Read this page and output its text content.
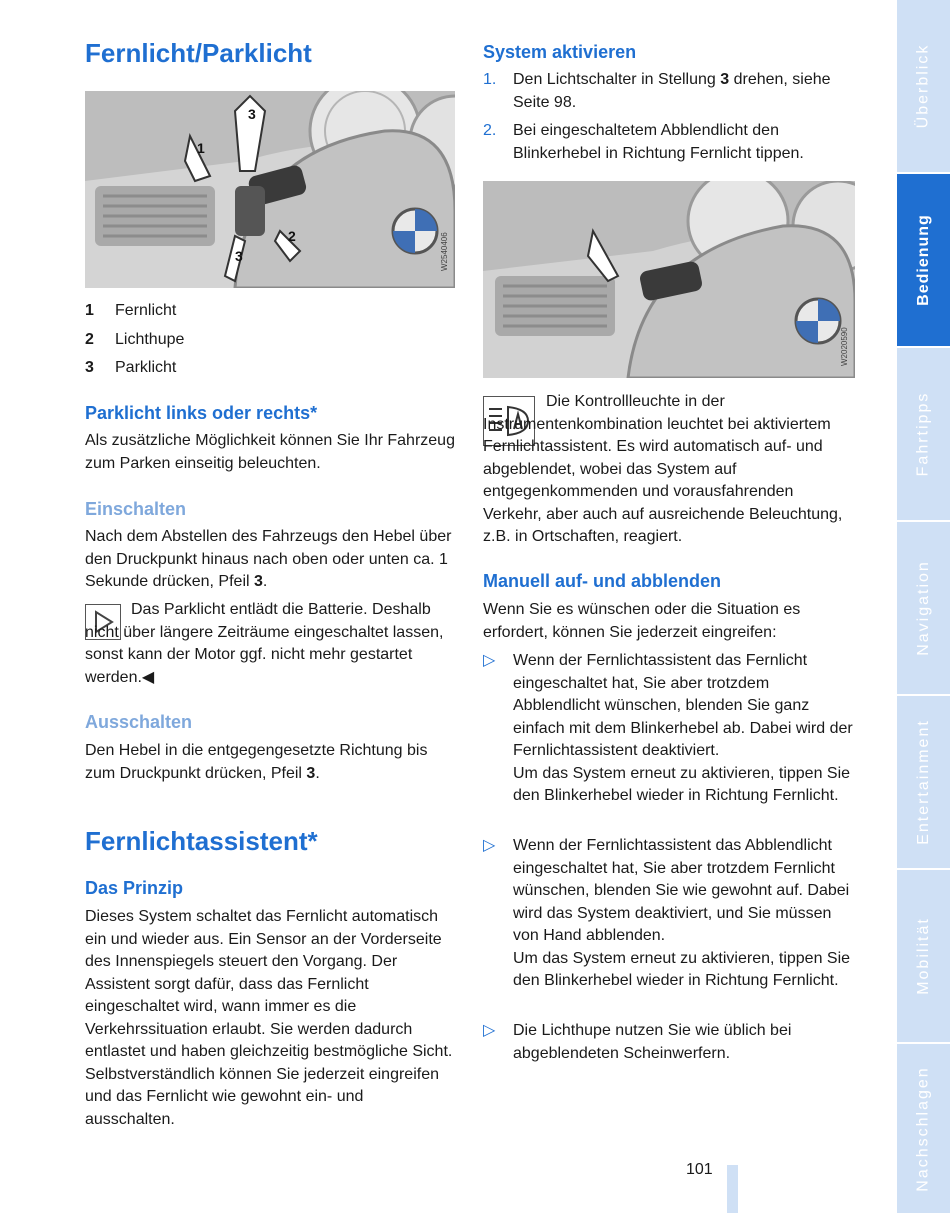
Fernlicht/Parklicht
3
1
2
3	W2540406
1 Fernlicht
2 Lichthupe
3 Parklicht
Parklicht links oder rechts*

Als zusätzliche Möglichkeit können Sie Ihr Fahrzeug zum Parken einseitig beleuchten.

Einschalten

Nach dem Abstellen des Fahrzeugs den Hebel über den Druckpunkt hinaus nach oben oder unten ca. 1 Sekunde drücken, Pfeil 3.

Das Parklicht entlädt die Batterie. Deshalb nicht über längere Zeiträume eingeschaltet lassen, sonst kann der Motor ggf. nicht mehr gestartet werden.◀

Ausschalten

Den Hebel in die entgegengesetzte Richtung bis zum Druckpunkt drücken, Pfeil 3.

Fernlichtassistent*
Das Prinzip

Dieses System schaltet das Fernlicht automatisch ein und wieder aus. Ein Sensor an der Vorderseite des Innenspiegels steuert den Vorgang. Der Assistent sorgt dafür, dass das Fernlicht eingeschaltet wird, wann immer es die Verkehrssituation erlaubt. Sie werden dadurch entlastet und haben gleichzeitig bestmögliche Sicht. Selbstverständlich können Sie jederzeit eingreifen und das Fernlicht wie gewohnt ein- und ausschalten.

System aktivieren
1. Den Lichtschalter in Stellung 3 drehen, siehe Seite 98.
2. Bei eingeschaltetem Abblendlicht den Blinkerhebel in Richtung Fernlicht tippen.
W2020590

Die Kontrollleuchte in der Instrumentenkombination leuchtet bei aktiviertem Fernlichtassistent. Es wird automatisch auf- und abgeblendet, wobei das System auf entgegenkommenden und vorausfahrenden Verkehr, aber auch auf ausreichende Beleuchtung, z.B. in Ortschaften, reagiert.

Manuell auf- und abblenden

Wenn Sie es wünschen oder die Situation es erfordert, können Sie jederzeit eingreifen:

▷ Wenn der Fernlichtassistent das Fernlicht eingeschaltet hat, Sie aber trotzdem Abblendlicht wünschen, blenden Sie ganz einfach mit dem Blinkerhebel ab. Dabei wird der Fernlichtassistent deaktiviert.
Um das System erneut zu aktivieren, tippen Sie den Blinkerhebel wieder in Richtung Fernlicht.
▷ Wenn der Fernlichtassistent das Abblendlicht eingeschaltet hat, Sie aber trotzdem Fernlicht wünschen, blenden Sie wie gewohnt auf. Dabei wird das System deaktiviert, und Sie müssen von Hand abblenden.
Um das System erneut zu aktivieren, tippen Sie den Blinkerhebel wieder in Richtung Fernlicht.
▷ Die Lichthupe nutzen Sie wie üblich bei abgeblendeten Scheinwerfern.
Überblick
Bedienung
Fahrtipps
Navigation
Entertainment
Mobilität
Nachschlagen
101
